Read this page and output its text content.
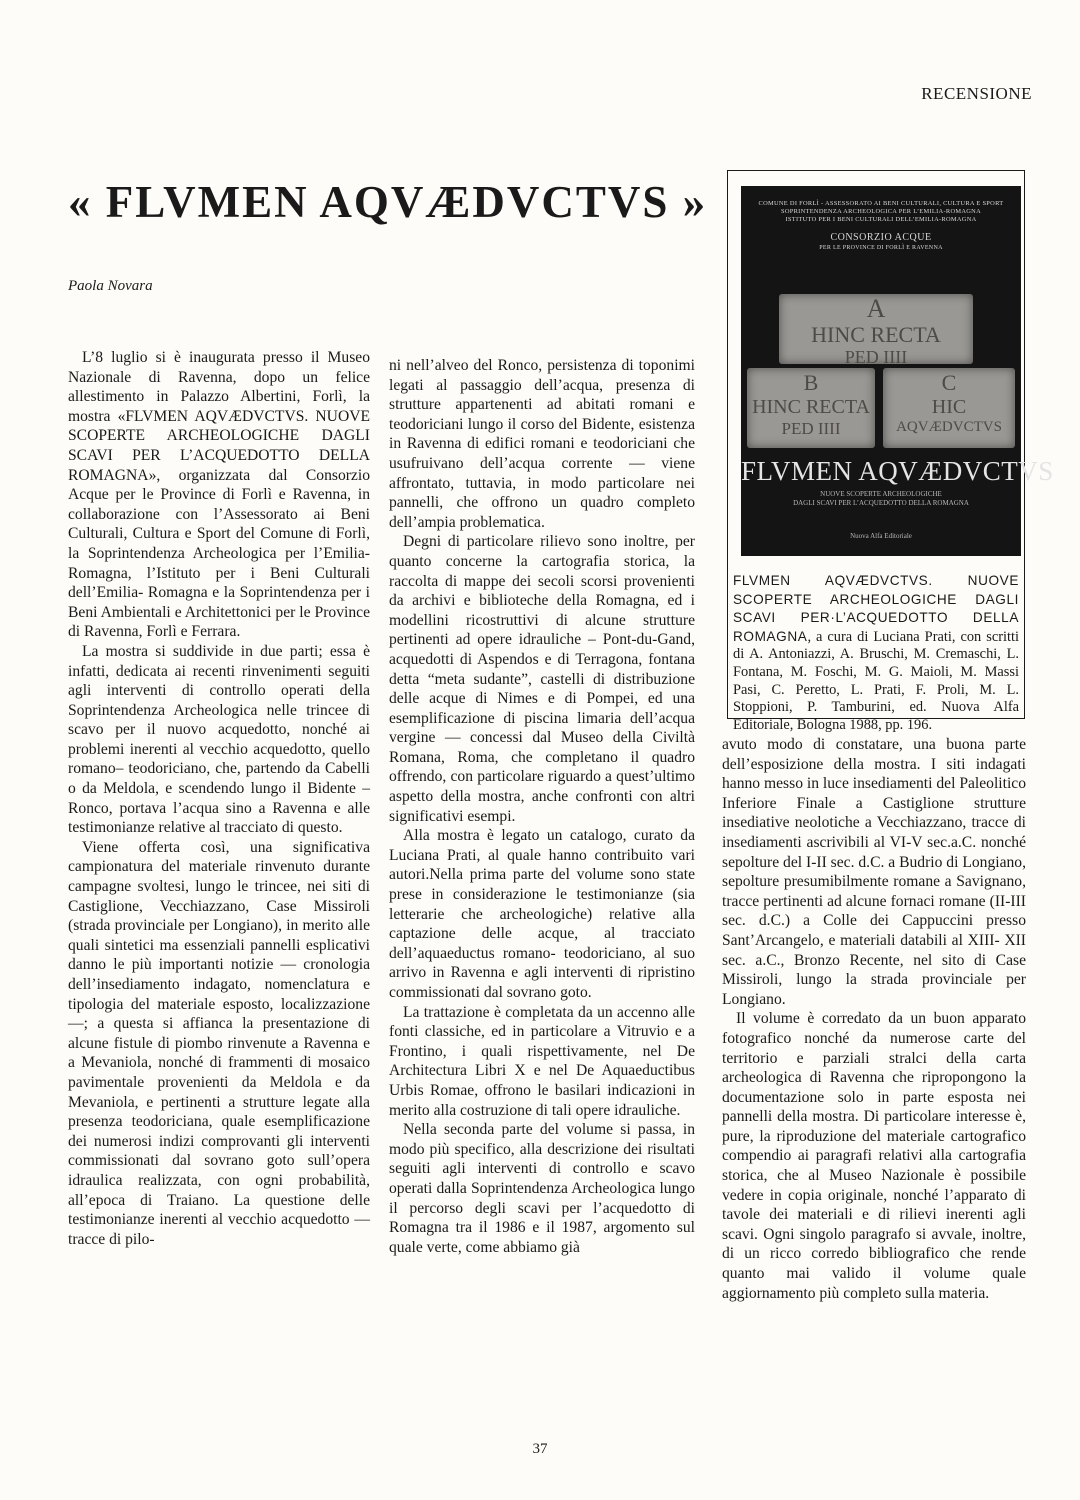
RECENSIONE

« FLVMEN AQVÆDVCTVS »

Paola Novara

L’8 luglio si è inaugurata presso il Museo Nazionale di Ravenna, dopo un felice allestimento in Palazzo Albertini, Forlì, la mostra «FLVMEN AQVÆDVCTVS. NUOVE SCOPERTE ARCHEOLOGICHE DAGLI SCAVI PER L’ACQUEDOTTO DELLA ROMAGNA», organizzata dal Consorzio Acque per le Province di Forlì e Ravenna, in collaborazione con l’Assessorato ai Beni Culturali, Cultura e Sport del Comune di Forlì, la Soprintendenza Archeologica per l’Emilia-Romagna, l’Istituto per i Beni Culturali dell’Emilia- Romagna e la Soprintendenza per i Beni Ambientali e Architettonici per le Province di Ravenna, Forlì e Ferrara.

La mostra si suddivide in due parti; essa è infatti, dedicata ai recenti rinvenimenti seguiti agli interventi di controllo operati della Soprintendenza Archeologica nelle trincee di scavo per il nuovo acquedotto, nonché ai problemi inerenti al vecchio acquedotto, quello romano– teodoriciano, che, partendo da Cabelli o da Meldola, e scendendo lungo il Bidente – Ronco, portava l’acqua sino a Ravenna e alle testimonianze relative al tracciato di questo.

Viene offerta così, una significativa campionatura del materiale rinvenuto durante campagne svoltesi, lungo le trincee, nei siti di Castiglione, Vecchiazzano, Case Missiroli (strada provinciale per Longiano), in merito alle quali sintetici ma essenziali pannelli esplicativi danno le più importanti notizie — cronologia dell’insediamento indagato, nomenclatura e tipologia del materiale esposto, localizzazione —; a questa si affianca la presentazione di alcune fistule di piombo rinvenute a Ravenna e a Mevaniola, nonché di frammenti di mosaico pavimentale provenienti da Meldola e da Mevaniola, e pertinenti a strutture legate alla presenza teodoriciana, quale esemplificazione dei numerosi indizi comprovanti gli interventi commissionati dal sovrano goto sull’opera idraulica realizzata, con ogni probabilità, all’epoca di Traiano. La questione delle testimonianze inerenti al vecchio acquedotto — tracce di pilo-

ni nell’alveo del Ronco, persistenza di toponimi legati al passaggio dell’acqua, presenza di strutture appartenenti ad abitati romani e teodoriciani lungo il corso del Bidente, esistenza in Ravenna di edifici romani e teodoriciani che usufruivano dell’acqua corrente — viene affrontato, tuttavia, in modo particolare nei pannelli, che offrono un quadro completo dell’ampia problematica.

Degni di particolare rilievo sono inoltre, per quanto concerne la cartografia storica, la raccolta di mappe dei secoli scorsi provenienti da archivi e biblioteche della Romagna, ed i modellini ricostruttivi di alcune strutture pertinenti ad opere idrauliche – Pont-du-Gand, acquedotti di Aspendos e di Terragona, fontana detta “meta sudante”, castelli di distribuzione delle acque di Nimes e di Pompei, ed una esemplificazione di piscina limaria dell’acqua vergine — concessi dal Museo della Civiltà Romana, Roma, che completano il quadro offrendo, con particolare riguardo a quest’ultimo aspetto della mostra, anche confronti con altri significativi esempi.

Alla mostra è legato un catalogo, curato da Luciana Prati, al quale hanno contribuito vari autori.Nella prima parte del volume sono state prese in considerazione le testimonianze (sia letterarie che archeologiche) relative alla captazione delle acque, al tracciato dell’aquaeductus romano- teodoriciano, al suo arrivo in Ravenna e agli interventi di ripristino commissionati dal sovrano goto.

La trattazione è completata da un accenno alle fonti classiche, ed in particolare a Vitruvio e a Frontino, i quali rispettivamente, nel De Architectura Libri X e nel De Aquaeductibus Urbis Romae, offrono le basilari indicazioni in merito alla costruzione di tali opere idrauliche.

Nella seconda parte del volume si passa, in modo più specifico, alla descrizione dei risultati seguiti agli interventi di controllo e scavo operati dalla Soprintendenza Archeologica lungo il percorso degli scavi per l’acquedotto di Romagna tra il 1986 e il 1987, argomento sul quale verte, come abbiamo già

COMUNE DI FORLÌ - ASSESSORATO AI BENI CULTURALI, CULTURA E SPORT
SOPRINTENDENZA ARCHEOLOGICA PER L’EMILIA-ROMAGNA
ISTITUTO PER I BENI CULTURALI DELL’EMILIA-ROMAGNA
CONSORZIO ACQUE
PER LE PROVINCE DI FORLÌ E RAVENNA
A
HINC RECTA
PED IIII
B
HINC RECTA
PED IIII
C
HIC
AQVÆDVCTVS
FLVMEN AQVÆDVCTVS
NUOVE SCOPERTE ARCHEOLOGICHE
DAGLI SCAVI PER L’ACQUEDOTTO DELLA ROMAGNA
Nuova Alfa Editoriale

FLVMEN AQVÆDVCTVS. NUOVE SCOPERTE ARCHEOLOGICHE DAGLI SCAVI PER·L’ACQUEDOTTO DELLA ROMAGNA, a cura di Luciana Prati, con scritti di A. Antoniazzi, A. Bruschi, M. Cremaschi, L. Fontana, M. Foschi, M. G. Maioli, M. Massi Pasi, C. Peretto, L. Prati, F. Proli, M. L. Stoppioni, P. Tamburini, ed. Nuova Alfa Editoriale, Bologna 1988, pp. 196.

avuto modo di constatare, una buona parte dell’esposizione della mostra. I siti indagati hanno messo in luce insediamenti del Paleolitico Inferiore Finale a Castiglione strutture insediative neolotiche a Vecchiazzano, tracce di insediamenti ascrivibili al VI-V sec.a.C. nonché sepolture del I-II sec. d.C. a Budrio di Longiano, sepolture presumibilmente romane a Savignano, tracce pertinenti ad alcune fornaci romane (II-III sec. d.C.) a Colle dei Cappuccini presso Sant’Arcangelo, e materiali databili al XIII- XII sec. a.C., Bronzo Recente, nel sito di Case Missiroli, lungo la strada provinciale per Longiano.

Il volume è corredato da un buon apparato fotografico nonché da numerose carte del territorio e parziali stralci della carta archeologica di Ravenna che ripropongono la documentazione solo in parte esposta nei pannelli della mostra. Di particolare interesse è, pure, la riproduzione del materiale cartografico compendio ai paragrafi relativi alla cartografia storica, che al Museo Nazionale è possibile vedere in copia originale, nonché l’apparato di tavole dei materiali e di rilievi inerenti agli scavi. Ogni singolo paragrafo si avvale, inoltre, di un ricco corredo bibliografico che rende quanto mai valido il volume quale aggiornamento più completo sulla materia.

37
